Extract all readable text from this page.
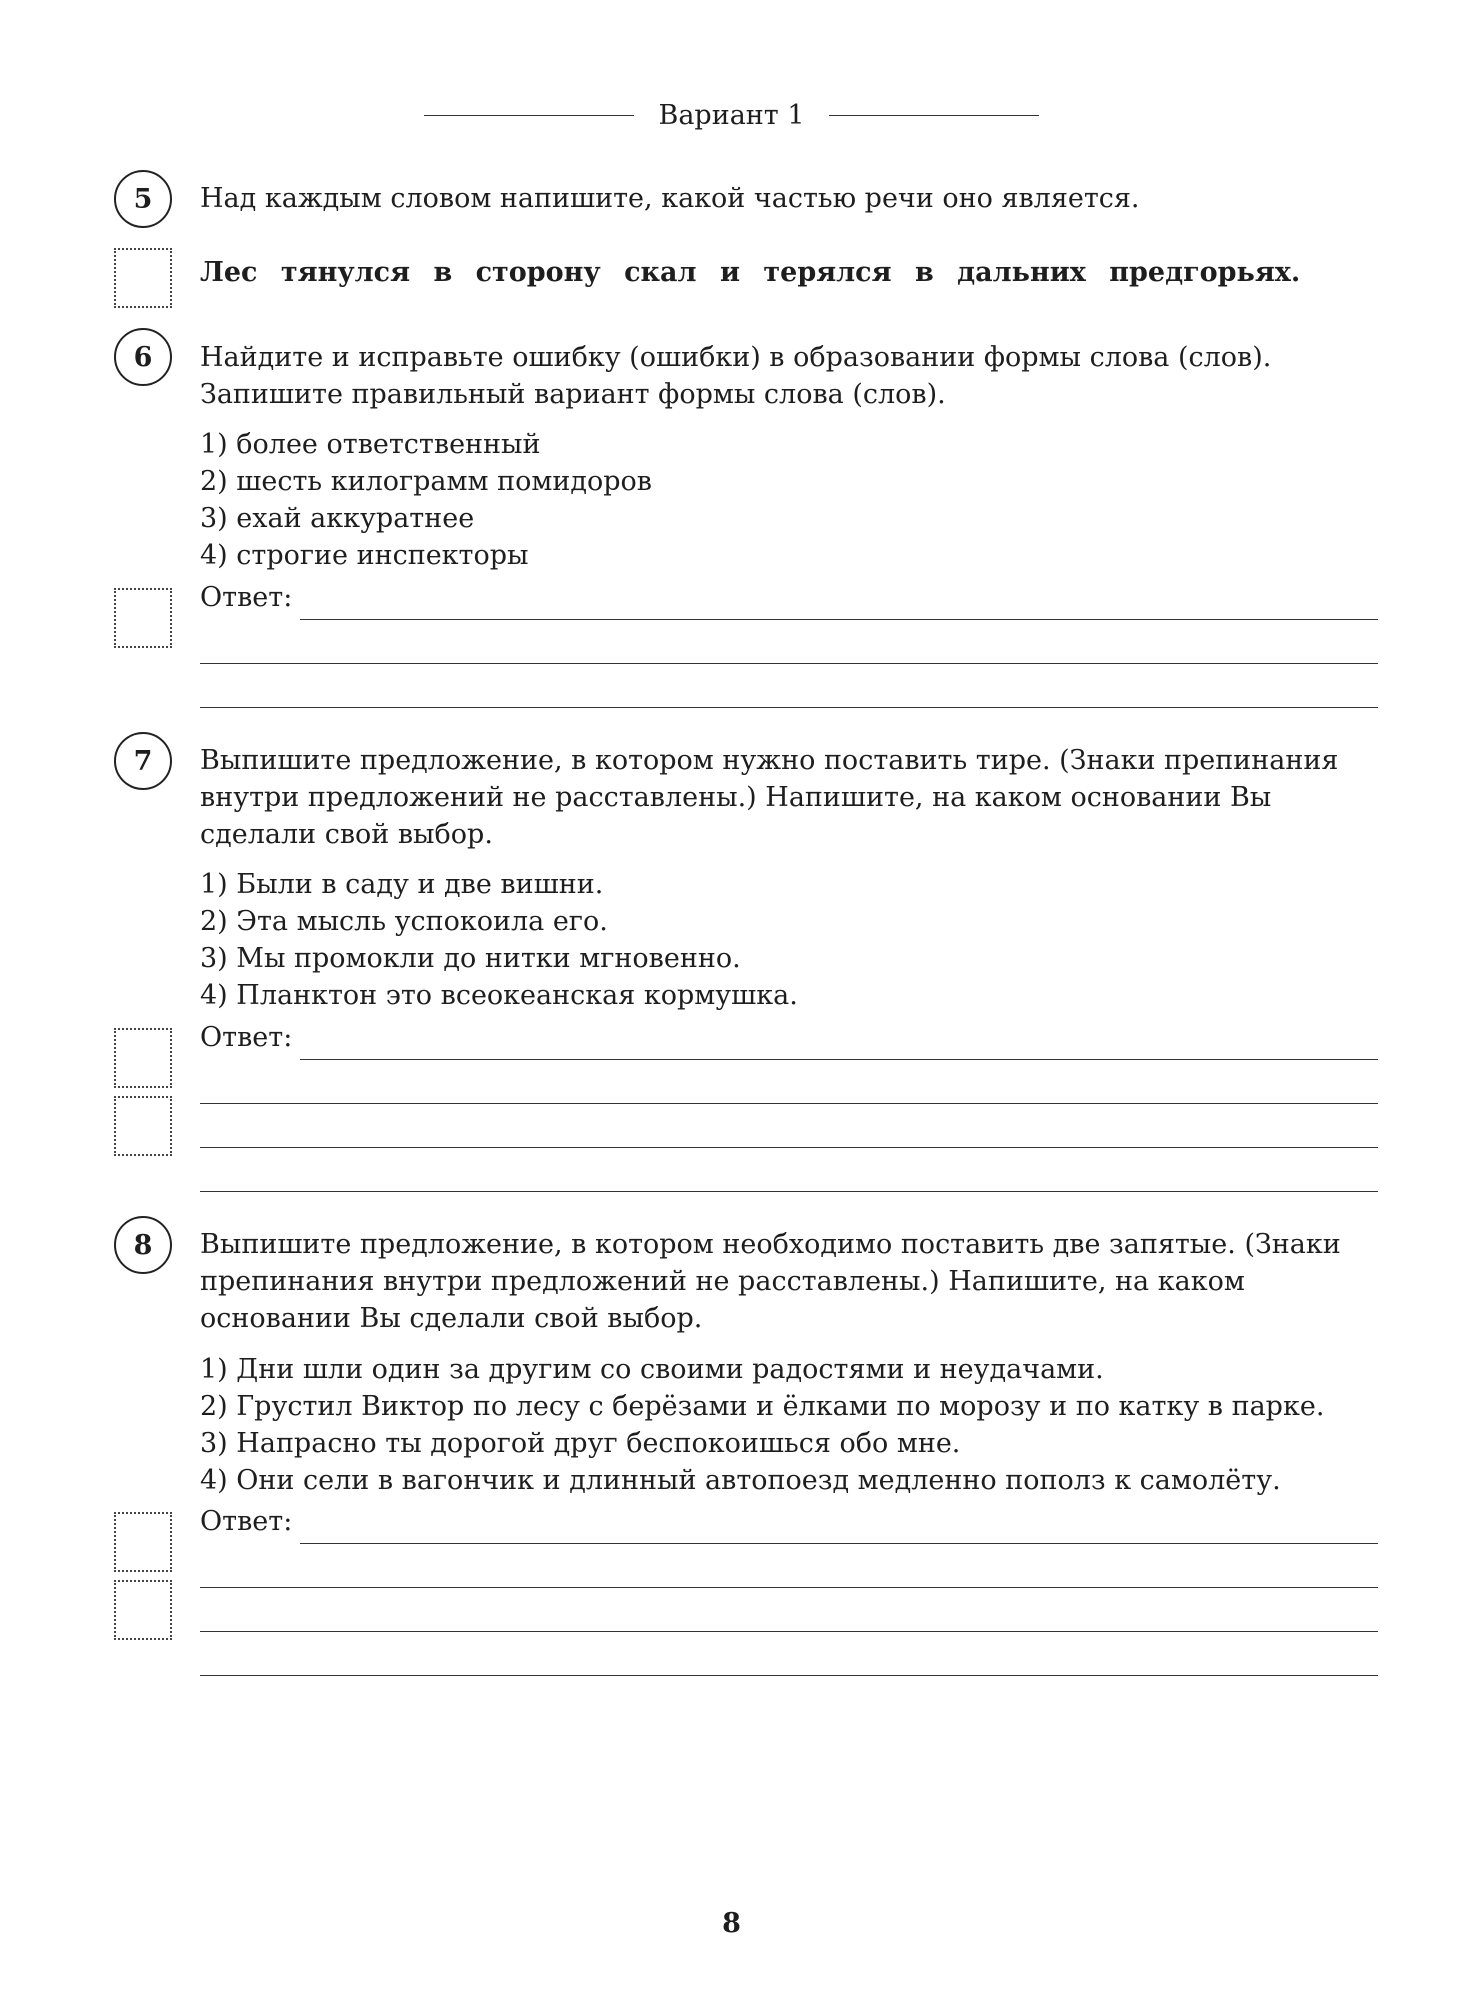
Вариант 1
5	Над каждым словом напишите, какой частью речи оно является.
Лес тянулся в сторону скал и терялся в дальних предгорьях.
6	Найдите и исправьте ошибку (ошибки) в образовании формы слова (слов). Запишите правильный вариант формы слова (слов).
1) более ответственный
2) шесть килограмм помидоров
3) ехай аккуратнее
4) строгие инспекторы
Ответ:
7	Выпишите предложение, в котором нужно поставить тире. (Знаки препинания внутри предложений не расставлены.) Напишите, на каком основании Вы сделали свой выбор.
1) Были в саду и две вишни.
2) Эта мысль успокоила его.
3) Мы промокли до нитки мгновенно.
4) Планктон это всеокеанская кормушка.
Ответ:
8	Выпишите предложение, в котором необходимо поставить две запятые. (Знаки препинания внутри предложений не расставлены.) Напишите, на каком основании Вы сделали свой выбор.
1) Дни шли один за другим со своими радостями и неудачами.
2) Грустил Виктор по лесу с берёзами и ёлками по морозу и по катку в парке.
3) Напрасно ты дорогой друг беспокоишься обо мне.
4) Они сели в вагончик и длинный автопоезд медленно пополз к самолёту.
Ответ:
8
